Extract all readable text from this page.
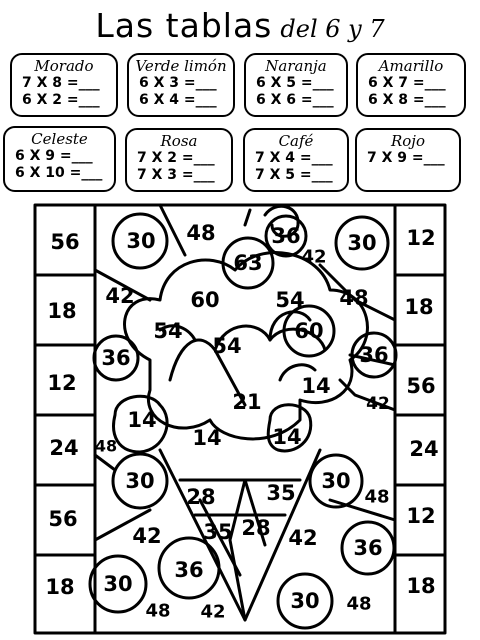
Las tablas del 6 y 7
Morado
7 X 8 =___
6 X 2 =___
Verde limón
6 X 3 =___
6 X 4 =___
Naranja
6 X 5 =___
6 X 6 =___
Amarillo
6 X 7 =___
6 X 8 =___
Celeste
6 X 9 =___
6 X 10 =___
Rosa
7 X 2 =___
7 X 3 =___
Café
7 X 4 =___
7 X 5 =___
Rojo
7 X 9 =___
56
18
12
24
56
18
12
18
56
24
12
18
30 48	36
63 42
30
42	60	54 48
54
54
60
36	36
14
21	42
14
14 14
48
30
28 35 30
48
42 35 28 42 36
36
30
48 42	30 48
